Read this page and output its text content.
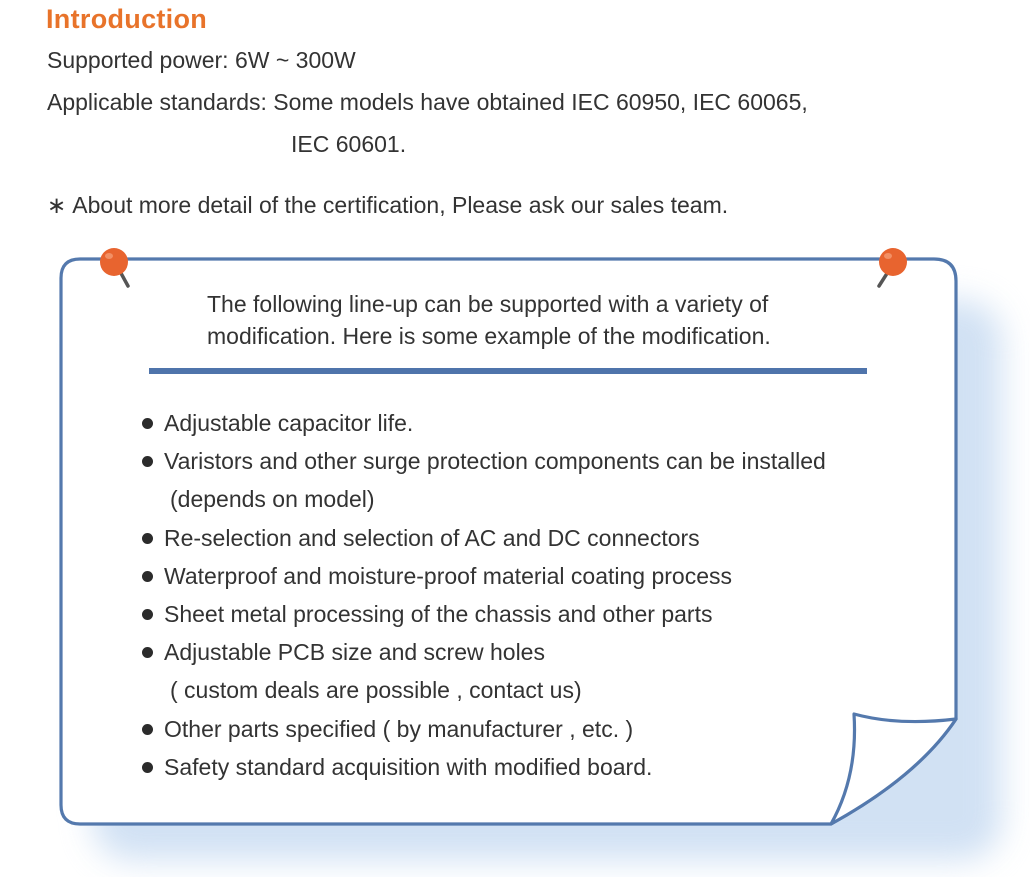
Introduction
Supported power: 6W ~ 300W
Applicable standards: Some models have obtained IEC 60950, IEC 60065,
IEC 60601.
∗ About more detail of the certification, Please ask our sales team.
The following line-up can be supported with a variety of modification. Here is some example of the modification.
Adjustable capacitor life.
Varistors and other surge protection components can be installed
(depends on model)
Re-selection and selection of AC and DC connectors
Waterproof and moisture-proof material coating process
Sheet metal processing of the chassis and other parts
Adjustable PCB size and screw holes
( custom deals are possible , contact us)
Other parts specified ( by manufacturer , etc. )
Safety standard acquisition with modified board.
